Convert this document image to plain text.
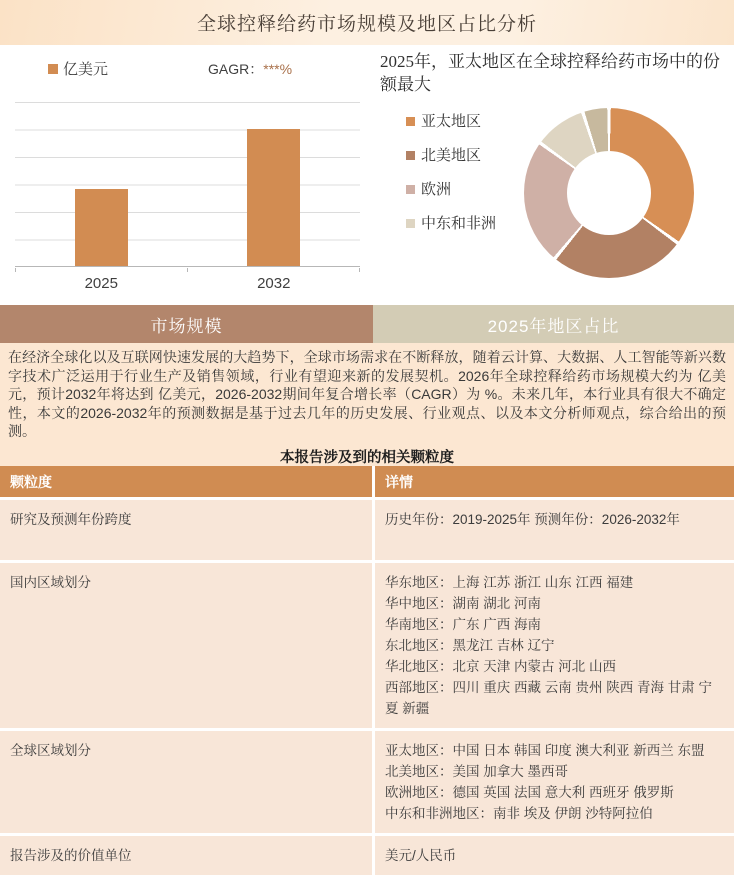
全球控释给药市场规模及地区占比分析
亿美元	GAGR：***%
2025	2032
2025年，亚太地区在全球控释给药市场中的份额最大
亚太地区
北美地区
欧洲
中东和非洲
市场规模	2025年地区占比

在经济全球化以及互联网快速发展的大趋势下，全球市场需求在不断释放，随着云计算、大数据、人工智能等新兴数字技术广泛运用于行业生产及销售领域，行业有望迎来新的发展契机。2026年全球控释给药市场规模大约为 亿美元，预计2032年将达到 亿美元，2026-2032期间年复合增长率（CAGR）为 %。未来几年，本行业具有很大不确定性，本文的2026-2032年的预测数据是基于过去几年的历史发展、行业观点、以及本文分析师观点，综合给出的预测。

本报告涉及到的相关颗粒度
颗粒度	详情
研究及预测年份跨度	历史年份：2019-2025年 预测年份：2026-2032年
国内区域划分	华东地区：上海 江苏 浙江 山东 江西 福建
华中地区：湖南 湖北 河南
华南地区：广东 广西 海南
东北地区：黑龙江 吉林 辽宁
华北地区：北京 天津 内蒙古 河北 山西
西部地区：四川 重庆 西藏 云南 贵州 陕西 青海 甘肃 宁夏 新疆
全球区域划分	亚太地区：中国 日本 韩国 印度 澳大利亚 新西兰 东盟
北美地区：美国 加拿大 墨西哥
欧洲地区：德国 英国 法国 意大利 西班牙 俄罗斯
中东和非洲地区：南非 埃及 伊朗 沙特阿拉伯
报告涉及的价值单位	美元/人民币
